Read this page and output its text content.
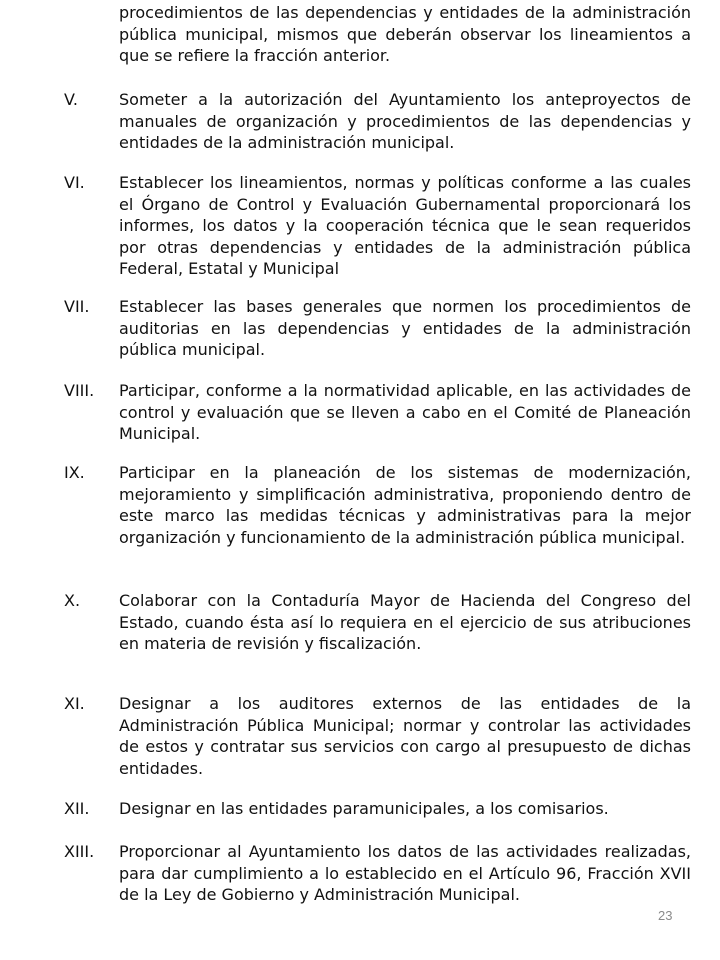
procedimientos de las dependencias y entidades de la administración pública municipal, mismos que deberán observar los lineamientos a que se refiere la fracción anterior.

V.	Someter a la autorización del Ayuntamiento los anteproyectos de manuales de organización y procedimientos de las dependencias y entidades de la administración municipal.

VI. Establecer los lineamientos, normas y políticas conforme a las cuales el Órgano de Control y Evaluación Gubernamental proporcionará los informes, los datos y la cooperación técnica que le sean requeridos por otras dependencias y entidades de la administración pública Federal, Estatal y Municipal

VII. Establecer las bases generales que normen los procedimientos de auditorias en las dependencias y entidades de la administración pública municipal.

VIII. Participar, conforme a la normatividad aplicable, en las actividades de control y evaluación que se lleven a cabo en el Comité de Planeación Municipal.

IX. Participar en la planeación de los sistemas de modernización, mejoramiento y simplificación administrativa, proponiendo dentro de este marco las medidas técnicas y administrativas para la mejor organización y funcionamiento de la administración pública municipal.

X. Colaborar con la Contaduría Mayor de Hacienda del Congreso del Estado, cuando ésta así lo requiera en el ejercicio de sus atribuciones en materia de revisión y fiscalización.

XI. Designar a los auditores externos de las entidades de la Administración Pública Municipal; normar y controlar las actividades de estos y contratar sus servicios con cargo al presupuesto de dichas entidades.

XII. Designar en las entidades paramunicipales, a los comisarios.

XIII. Proporcionar al Ayuntamiento los datos de las actividades realizadas, para dar cumplimiento a lo establecido en el Artículo 96, Fracción XVII de la Ley de Gobierno y Administración Municipal.

23
